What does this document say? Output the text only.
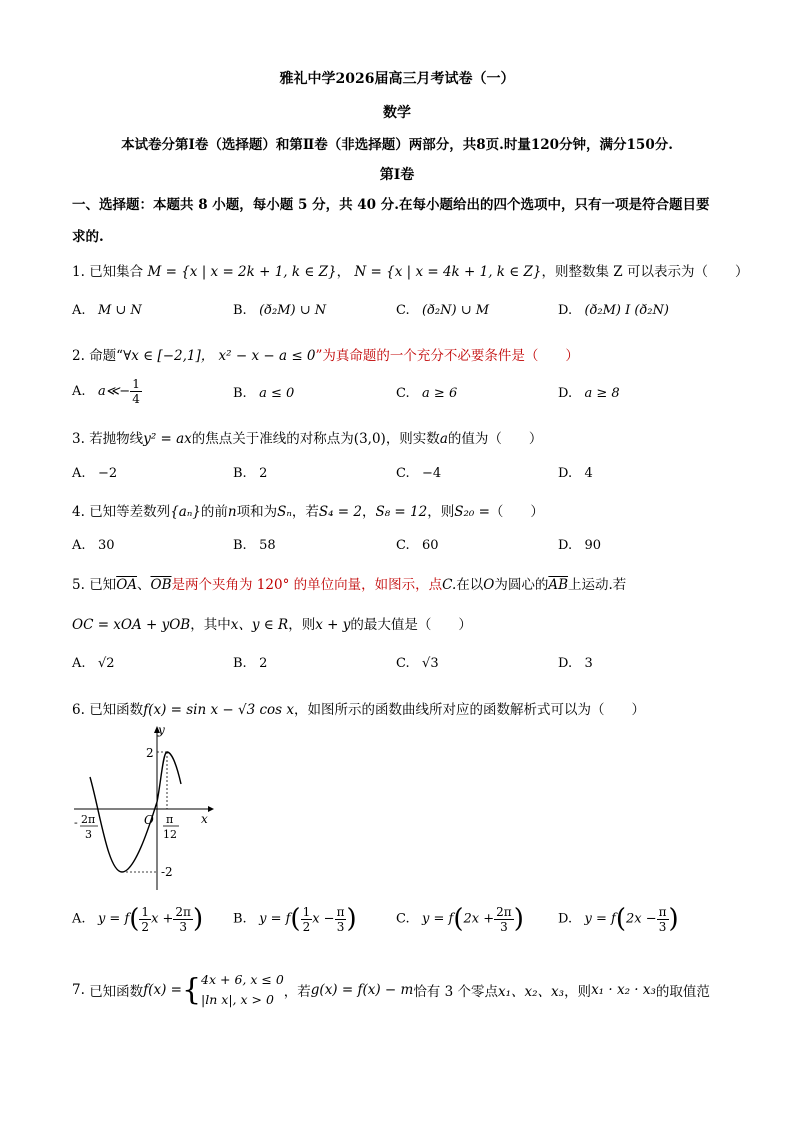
雅礼中学2026届高三月考试卷（一）
数学
本试卷分第Ⅰ卷（选择题）和第Ⅱ卷（非选择题）两部分，共8页.时量120分钟，满分150分.
第Ⅰ卷
一、选择题：本题共 8 小题，每小题 5 分，共 40 分.在每小题给出的四个选项中，只有一项是符合题目要
求的.
1. 已知集合 M = {x | x = 2k + 1, k ∈ Z}， N = {x | x = 4k + 1, k ∈ Z}，则整数集 Z 可以表示为（　　）
A. M ∪ N	B. (ð₂M) ∪ N	C. (ð₂N) ∪ M	D. (ð₂M) I (ð₂N)
2. 命题“∀x ∈ [−2,1]， x² − x − a ≤ 0”为真命题的一个充分不必要条件是（　　）
A. a≪− $\frac{1}{4}$	B. a ≤ 0	C. a ≥ 6	D. a ≥ 8
3. 若抛物线y² = ax的焦点关于准线的对称点为(3,0)，则实数a的值为（　　）
A. −2	B. 2	C. −4	D. 4
4. 已知等差数列{aₙ}的前n项和为Sₙ，若S₄ = 2，S₈ = 12，则S₂₀ =（　　）
A. 30	B. 58	C. 60	D. 90
5. 已知$\overline{OA}$、$\overline{OB}$是两个夹角为 120° 的单位向量，如图示，点C.在以O为圆心的$\overline{AB}$上运动.若
OC = xOA + yOB，其中x、y ∈ R，则x + y的最大值是（　　）
A. √2	B. 2	C. √3	D. 3
6. 已知函数f(x) = sin x − √3 cos x，如图所示的函数曲线所对应的函数解析式可以为（　　）
y
x
O
2
-2
- 2π
3
π
12
A. $y = f( \frac{1}{2}$ $x + \frac{2\pi}{3}$ ) B. $y = f( \frac{1}{2}$ $x - \frac{\pi}{3}$ )	C. $y = f(2x + \frac{2\pi}{3}$ )	D. $y = f(2x - \frac{\pi}{3}$ )
7. 已知函数f(x) ={ 4x + 6, x ≤ 0
|ln x|, x > 0 ，若g(x) = f(x) − m恰有 3 个零点x₁、x₂、x₃，则x₁ · x₂ · x₃的取值范
